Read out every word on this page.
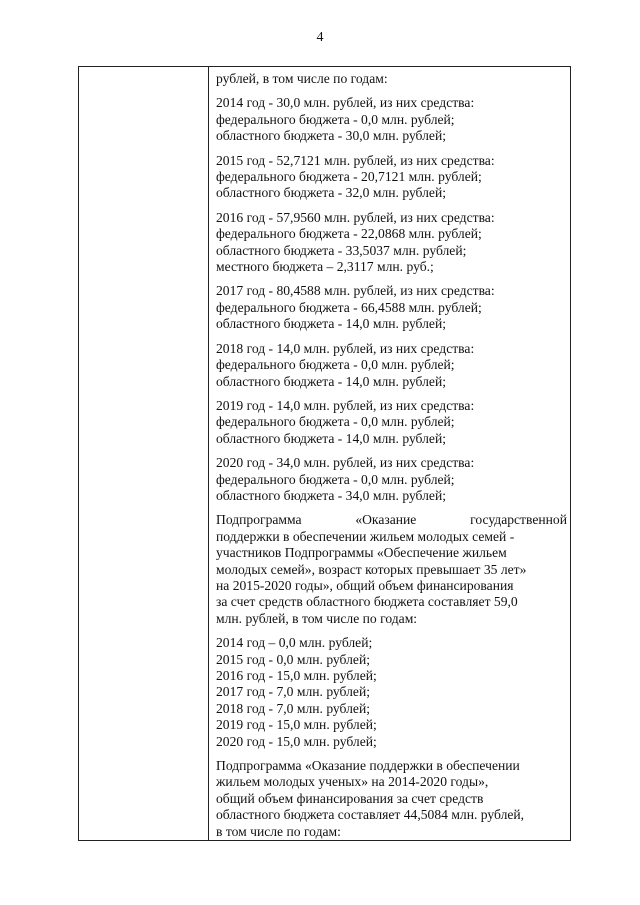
4

рублей, в том числе по годам:

2014 год - 30,0 млн. рублей, из них средства:
федерального бюджета - 0,0 млн. рублей;
областного бюджета - 30,0 млн. рублей;

2015 год - 52,7121 млн. рублей, из них средства:
федерального бюджета - 20,7121 млн. рублей;
областного бюджета - 32,0 млн. рублей;

2016 год - 57,9560 млн. рублей, из них средства:
федерального бюджета - 22,0868 млн. рублей;
областного бюджета - 33,5037 млн. рублей;
местного бюджета – 2,3117 млн. руб.;

2017 год - 80,4588 млн. рублей, из них средства:
федерального бюджета - 66,4588 млн. рублей;
областного бюджета - 14,0 млн. рублей;

2018 год - 14,0 млн. рублей, из них средства:
федерального бюджета - 0,0 млн. рублей;
областного бюджета - 14,0 млн. рублей;

2019 год - 14,0 млн. рублей, из них средства:
федерального бюджета - 0,0 млн. рублей;
областного бюджета - 14,0 млн. рублей;

2020 год - 34,0 млн. рублей, из них средства:
федерального бюджета - 0,0 млн. рублей;
областного бюджета - 34,0 млн. рублей;

Подпрограмма	«Оказание	государственной
поддержки в обеспечении жильем молодых семей -
участников Подпрограммы «Обеспечение жильем
молодых семей», возраст которых превышает 35 лет»
на 2015-2020 годы», общий объем финансирования
за счет средств областного бюджета составляет 59,0
млн. рублей, в том числе по годам:

2014 год – 0,0 млн. рублей;
2015 год - 0,0 млн. рублей;
2016 год - 15,0 млн. рублей;
2017 год - 7,0 млн. рублей;
2018 год - 7,0 млн. рублей;
2019 год - 15,0 млн. рублей;
2020 год - 15,0 млн. рублей;

Подпрограмма «Оказание поддержки в обеспечении
жильем молодых ученых» на 2014-2020 годы»,
общий объем финансирования за счет средств
областного бюджета составляет 44,5084 млн. рублей,
в том числе по годам:
